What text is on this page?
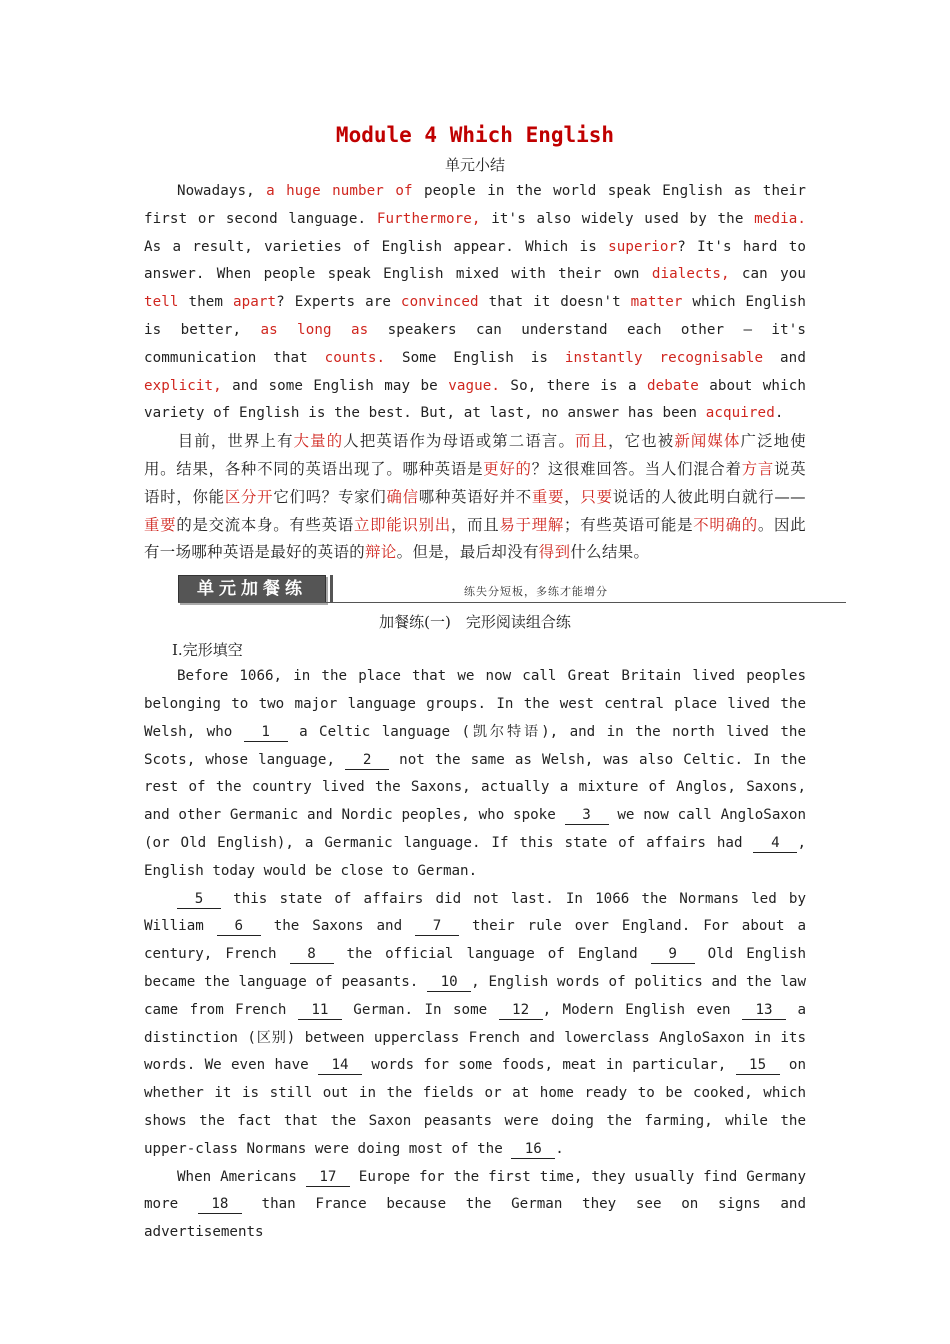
Module 4 Which English
单元小结

Nowadays, a huge number of people in the world speak English as their first or second language. Furthermore, it's also widely used by the media. As a result, varieties of English appear. Which is superior? It's hard to answer. When people speak English mixed with their own dialects, can you tell them apart? Experts are convinced that it doesn't matter which English is better, as long as speakers can understand each other — it's communication that counts. Some English is instantly recognisable and explicit, and some English may be vague. So, there is a debate about which variety of English is the best. But, at last, no answer has been acquired.

目前，世界上有大量的人把英语作为母语或第二语言。而且，它也被新闻媒体广泛地使用。结果，各种不同的英语出现了。哪种英语是更好的？这很难回答。当人们混合着方言说英语时，你能区分开它们吗？专家们确信哪种英语好并不重要，只要说话的人彼此明白就行——重要的是交流本身。有些英语立即能识别出，而且易于理解；有些英语可能是不明确的。因此有一场哪种英语是最好的英语的辩论。但是，最后却没有得到什么结果。

单元加餐练	练失分短板，多练才能增分
加餐练(一)　完形阅读组合练
Ⅰ.完形填空

Before 1066, in the place that we now call Great Britain lived peoples belonging to two major language groups. In the west central place lived the Welsh, who 1 a Celtic language (凯尔特语), and in the north lived the Scots, whose language, 2 not the same as Welsh, was also Celtic. In the rest of the country lived the Saxons, actually a mixture of Anglos, Saxons, and other Germanic and Nordic peoples, who spoke 3 we now call AngloSaxon (or Old English), a Germanic language. If this state of affairs had 4 , English today would be close to German.

5 this state of affairs did not last. In 1066 the Normans led by William 6 the Saxons and 7 their rule over England. For about a century, French 8 the official language of England 9 Old English became the language of peasants. 10 , English words of politics and the law came from French 11 German. In some 12 , Modern English even 13 a distinction (区别) between upperclass French and lowerclass AngloSaxon in its words. We even have 14 words for some foods, meat in particular, 15 on whether it is still out in the fields or at home ready to be cooked, which shows the fact that the Saxon peasants were doing the farming, while the upper-class Normans were doing most of the 16 .

When Americans 17 Europe for the first time, they usually find Germany more 18 than France because the German they see on signs and advertisements
